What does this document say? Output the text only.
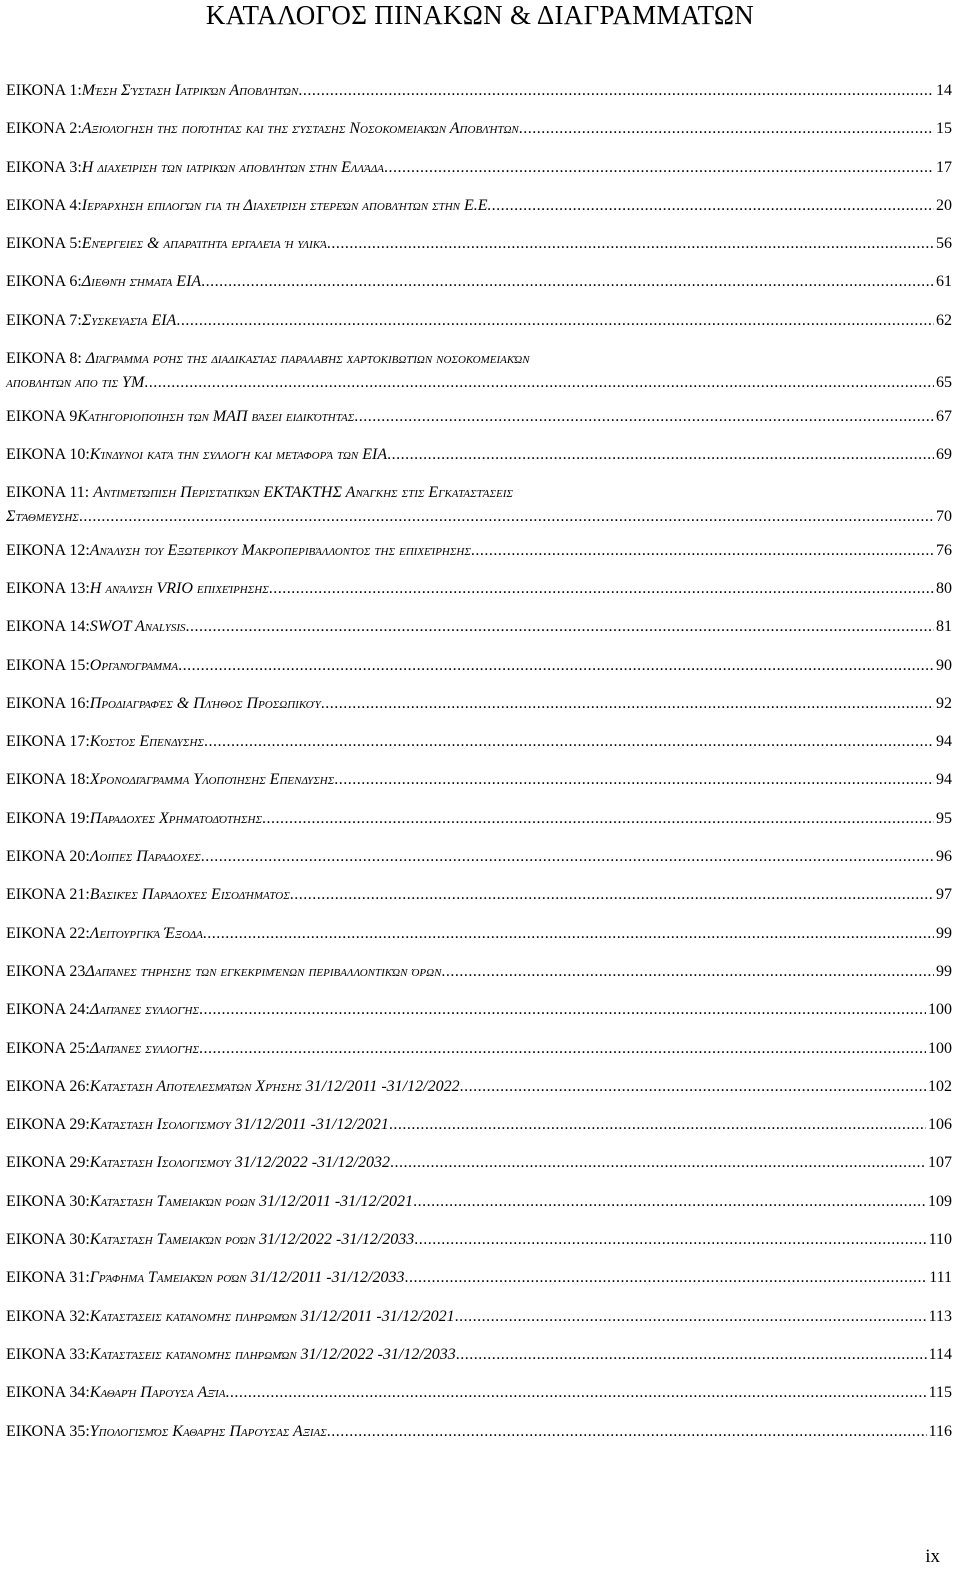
ΚΑΤΑΛΟΓΟΣ ΠΙΝΑΚΩΝ & ΔΙΑΓΡΑΜΜΑΤΩΝ
ΕΙΚΟΝΑ 1: Μέση Σύσταση Ιατρικών Αποβλήτων .....	14
ΕΙΚΟΝΑ 2: Αξιολόγηση της ποιότητας και της σύστασης Νοσοκομειακών Αποβλήτων .....	15
ΕΙΚΟΝΑ 3: Η διαχείριση των ιατρικών αποβλήτων στην Ελλάδα .....	17
ΕΙΚΟΝΑ 4: Ιεράρχηση επιλογών για τη Διαχείριση στερεών αποβλήτων στην Ε.Ε. .....	20
ΕΙΚΟΝΑ 5: Ενέργειες & απαραίτητα εργαλεία ή υλικά .....	56
ΕΙΚΟΝΑ 6: Διεθνή σήματα ΕΙΑ .....	61
ΕΙΚΟΝΑ 7: Συσκευασία ΕΙΑ .....	62
ΕΙΚΟΝΑ 8: Διάγραμμα ροής της διαδικασίας παραλαβής χαρτοκιβωτίων νοσοκομειακών
αποβλητων απο τις ΥΜ .....	65
ΕΙΚΟΝΑ 9 Κατηγοριοποίηση των ΜΑΠ βάσει ειδικότητας .....	67
ΕΙΚΟΝΑ 10: Κίνδυνοι κατά την συλλογή και μεταφορά των ΕΙΑ .....	69
ΕΙΚΟΝΑ 11: Αντιμετώπιση Περιστατικών ΕΚΤΑΚΤΗΣ Ανάγκης στις Εγκαταστάσεις
Στάθμευσης .....	70
ΕΙΚΟΝΑ 12: Ανάλυση του Εξωτερικού Μακροπεριβάλλοντος της επιχείρησης .....	76
ΕΙΚΟΝΑ 13: Η ανάλυση VRIO επιχείρησης .....	80
ΕΙΚΟΝΑ 14: SWOT Analysis .....	81
ΕΙΚΟΝΑ 15: Οργανόγραμμα .....	90
ΕΙΚΟΝΑ 16: Προδιαγραφές & Πλήθος Προσωπικού .....	92
ΕΙΚΟΝΑ 17: Κόστος Επενδυσης .....	94
ΕΙΚΟΝΑ 18: Χρονοδιάγραμμα Υλοποίησης Επενδυσης .....	94
ΕΙΚΟΝΑ 19: Παραδοχές Χρηματοδότησης .....	95
ΕΙΚΟΝΑ 20: Λοιπες Παραδοχες .....	96
ΕΙΚΟΝΑ 21: Βασικές Παραδοχές Εισοδήματος .....	97
ΕΙΚΟΝΑ 22: Λειτουργικά Έξοδα .....	99
ΕΙΚΟΝΑ 23 Δαπάνες τήρησης των εγκεκριμένων περιβαλλοντικών όρων .....	99
ΕΙΚΟΝΑ 24: Δαπάνες συλλογής .....	100
ΕΙΚΟΝΑ 25: Δαπάνες συλλογής .....	100
ΕΙΚΟΝΑ 26: Κατάσταση Αποτελεσμάτων Χρήσης 31/12/2011 -31/12/2022 .....	102
ΕΙΚΟΝΑ 29: Κατάσταση Ισολογισμού 31/12/2011 -31/12/2021 .....	106
ΕΙΚΟΝΑ 29: Κατάσταση Ισολογισμού 31/12/2022 -31/12/2032 .....	107
ΕΙΚΟΝΑ 30: Κατάσταση Ταμειακών ροων 31/12/2011 -31/12/2021 .....	109
ΕΙΚΟΝΑ 30: Κατάσταση Ταμειακών ροών 31/12/2022 -31/12/2033 .....	110
ΕΙΚΟΝΑ 31: Γράφημα Ταμειακών ροών 31/12/2011 -31/12/2033 .....	111
ΕΙΚΟΝΑ 32: Καταστάσεις κατανομής πληρωμών 31/12/2011 -31/12/2021 .....	113
ΕΙΚΟΝΑ 33: Καταστάσεις κατανομής πληρωμών 31/12/2022 -31/12/2033 .....	114
ΕΙΚΟΝΑ 34: Καθαρή Παρούσα Αξία .....	115
ΕΙΚΟΝΑ 35: Υπολογισμός Καθαρής Παρούσας Αξιας .....	116
ix
